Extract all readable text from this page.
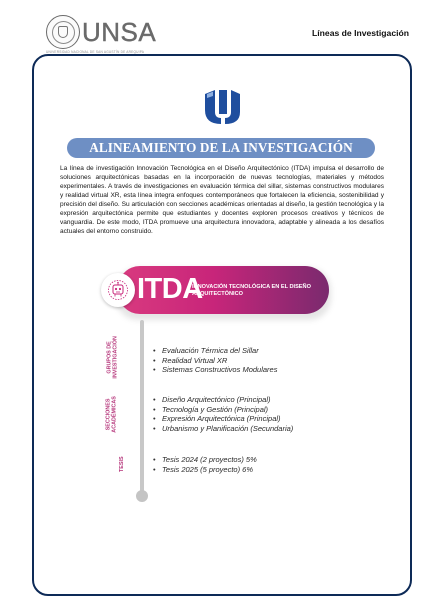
UNSA
UNIVERSIDAD NACIONAL DE SAN AGUSTÍN DE AREQUIPA
Líneas de Investigación
ALINEAMIENTO DE LA INVESTIGACIÓN

La línea de investigación Innovación Tecnológica en el Diseño Arquitectónico (ITDA) impulsa el desarrollo de soluciones arquitectónicas basadas en la incorporación de nuevas tecnologías, materiales y métodos experimentales. A través de investigaciones en evaluación térmica del sillar, sistemas constructivos modulares y realidad virtual XR, esta línea integra enfoques contemporáneos que fortalecen la eficiencia, sostenibilidad y precisión del diseño. Su articulación con secciones académicas orientadas al diseño, la gestión tecnológica y la expresión arquitectónica permite que estudiantes y docentes exploren procesos creativos y técnicos de vanguardia. De este modo, ITDA promueve una arquitectura innovadora, adaptable y alineada a los desafíos actuales del entorno construido.

ITDA
INNOVACIÓN TECNOLÓGICA EN EL DISEÑO ARQUITECTÓNICO
GRUPOS DE INVESTIGACIÓN	• Evaluación Térmica del Sillar
• Realidad Virtual XR
• Sistemas Constructivos Modulares
SECCIONES ACADÉMICAS	• Diseño Arquitectónico (Principal)
• Tecnología y Gestión (Principal)
• Expresión Arquitectónica (Principal)
• Urbanismo y Planificación (Secundaria)
TESIS	• Tesis 2024 (2 proyectos) 5%
• Tesis 2025 (5 proyecto) 6%
